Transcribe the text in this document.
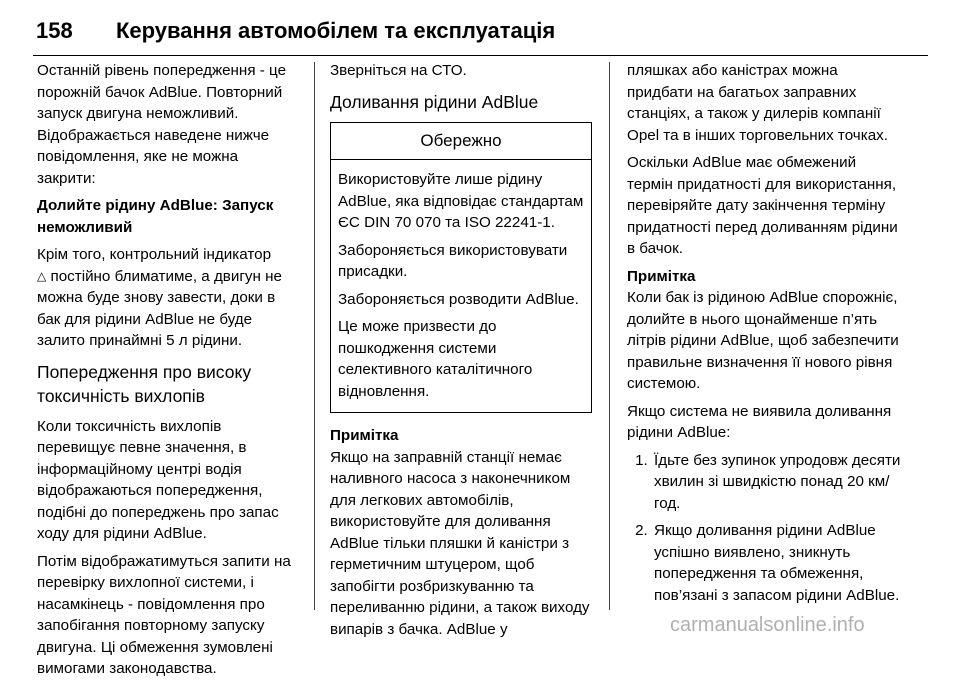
158 Керування автомобілем та експлуатація

Останній рівень попередження - це порожній бачок AdBlue. Повторний запуск двигуна неможливий. Відображається наведене нижче повідомлення, яке не можна закрити:

Долийте рідину AdBlue: Запуск неможливий

Крім того, контрольний індикатор
△ постійно блиматиме, а двигун не можна буде знову завести, доки в бак для рідини AdBlue не буде залито принаймні 5 л рідини.

Попередження про високу токсичність вихлопів

Коли токсичність вихлопів перевищує певне значення, в інформаційному центрі водія відображаються попередження, подібні до попереджень про запас ходу для рідини AdBlue.

Потім відображатимуться запити на перевірку вихлопної системи, і насамкінець - повідомлення про запобігання повторному запуску двигуна. Ці обмеження зумовлені вимогами законодавства.

Зверніться на СТО.

Доливання рідини AdBlue
Обережно

Використовуйте лише рідину AdBlue, яка відповідає стандартам ЄС DIN 70 070 та ISO 22241-1.

Забороняється використовувати присадки.

Забороняється розводити AdBlue.

Це може призвести до пошкодження системи селективного каталітичного відновлення.

Примітка

Якщо на заправній станції немає наливного насоса з наконечником для легкових автомобілів, використовуйте для доливання AdBlue тільки пляшки й каністри з герметичним штуцером, щоб запобігти розбризкуванню та переливанню рідини, а також виходу випарів з бачка. AdBlue у

пляшках або каністрах можна придбати на багатьох заправних станціях, а також у дилерів компанії Opel та в інших торговельних точках.

Оскільки AdBlue має обмежений термін придатності для використання, перевіряйте дату закінчення терміну придатності перед доливанням рідини в бачок.

Примітка

Коли бак із рідиною AdBlue спорожніє, долийте в нього щонайменше п’ять літрів рідини AdBlue, щоб забезпечити правильне визначення її нового рівня системою.

Якщо система не виявила доливання рідини AdBlue:

1. Їдьте без зупинок упродовж десяти хвилин зі швидкістю понад 20 км/год.
2. Якщо доливання рідини AdBlue успішно виявлено, зникнуть попередження та обмеження, пов’язані з запасом рідини AdBlue.
carmanualsonline.info
